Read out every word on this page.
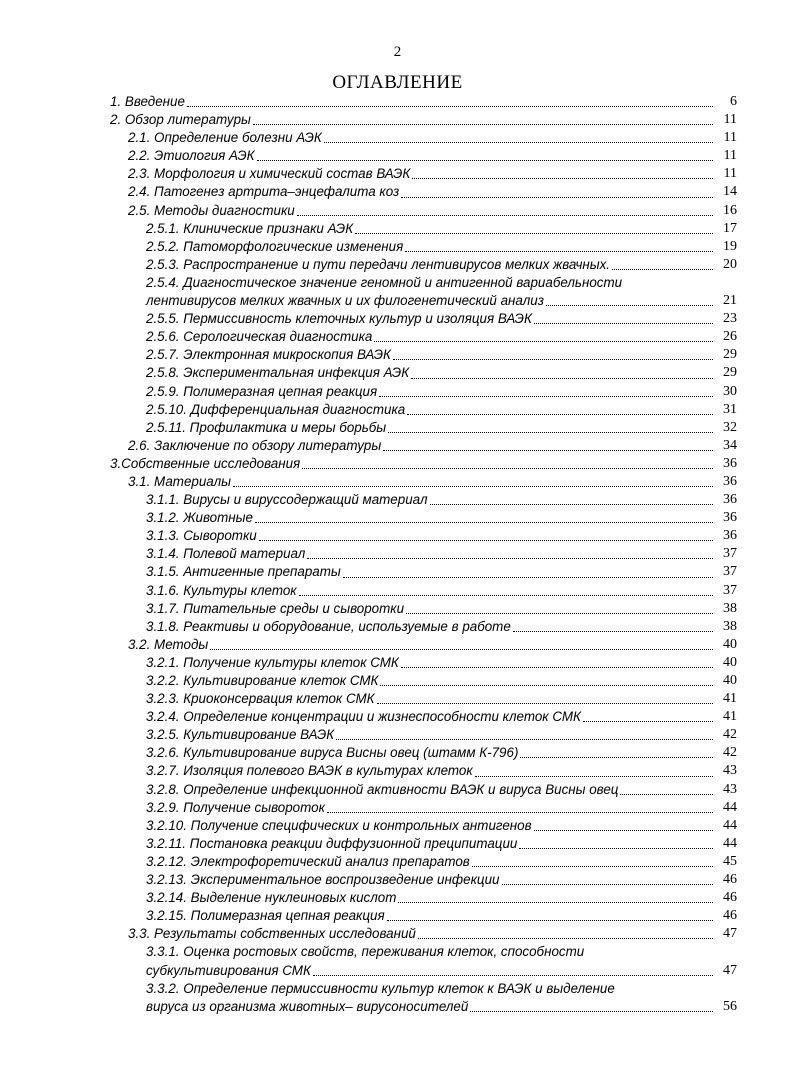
2
ОГЛАВЛЕНИЕ
1. Введение	6
2. Обзор литературы	11
2.1. Определение болезни АЭК	11
2.2. Этиология АЭК	11
2.3. Морфология и химический состав ВАЭК	11
2.4. Патогенез артрита–энцефалита коз	14
2.5. Методы диагностики	16
2.5.1. Клинические признаки АЭК	17
2.5.2. Патоморфологические изменения	19
2.5.3. Распространение и пути передачи лентивирусов мелких жвачных.	20
2.5.4. Диагностическое значение геномной и антигенной вариабельности
лентивирусов мелких жвачных и их филогенетический анализ	21
2.5.5. Пермиссивность клеточных культур и изоляция ВАЭК	23
2.5.6. Серологическая диагностика	26
2.5.7. Электронная микроскопия ВАЭК	29
2.5.8. Экспериментальная инфекция АЭК	29
2.5.9. Полимеразная цепная реакция	30
2.5.10. Дифференциальная диагностика	31
2.5.11. Профилактика и меры борьбы	32
2.6. Заключение по обзору литературы	34
3.Собственные исследования	36
3.1. Материалы	36
3.1.1. Вирусы и вируссодержащий материал	36
3.1.2. Животные	36
3.1.3. Сыворотки	36
3.1.4. Полевой материал	37
3.1.5. Антигенные препараты	37
3.1.6. Культуры клеток	37
3.1.7. Питательные среды и сыворотки	38
3.1.8. Реактивы и оборудование, используемые в работе	38
3.2. Методы	40
3.2.1. Получение культуры клеток СМК	40
3.2.2. Культивирование клеток СМК	40
3.2.3. Криоконсервация клеток СМК	41
3.2.4. Определение концентрации и жизнеспособности клеток СМК	41
3.2.5. Культивирование ВАЭК	42
3.2.6. Культивирование вируса Висны овец (штамм К-796)	42
3.2.7. Изоляция полевого ВАЭК в культурах клеток	43
3.2.8. Определение инфекционной активности ВАЭК и вируса Висны овец	43
3.2.9. Получение сывороток	44
3.2.10. Получение специфических и контрольных антигенов	44
3.2.11. Постановка реакции диффузионной преципитации	44
3.2.12. Электрофоретический анализ препаратов	45
3.2.13. Экспериментальное воспроизведение инфекции	46
3.2.14. Выделение нуклеиновых кислот	46
3.2.15. Полимеразная цепная реакция	46
3.3. Результаты собственных исследований	47
3.3.1. Оценка ростовых свойств, переживания клеток, способности
субкультивирования СМК	47
3.3.2. Определение пермиссивности культур клеток к ВАЭК и выделение
вируса из организма животных– вирусоносителей	56
